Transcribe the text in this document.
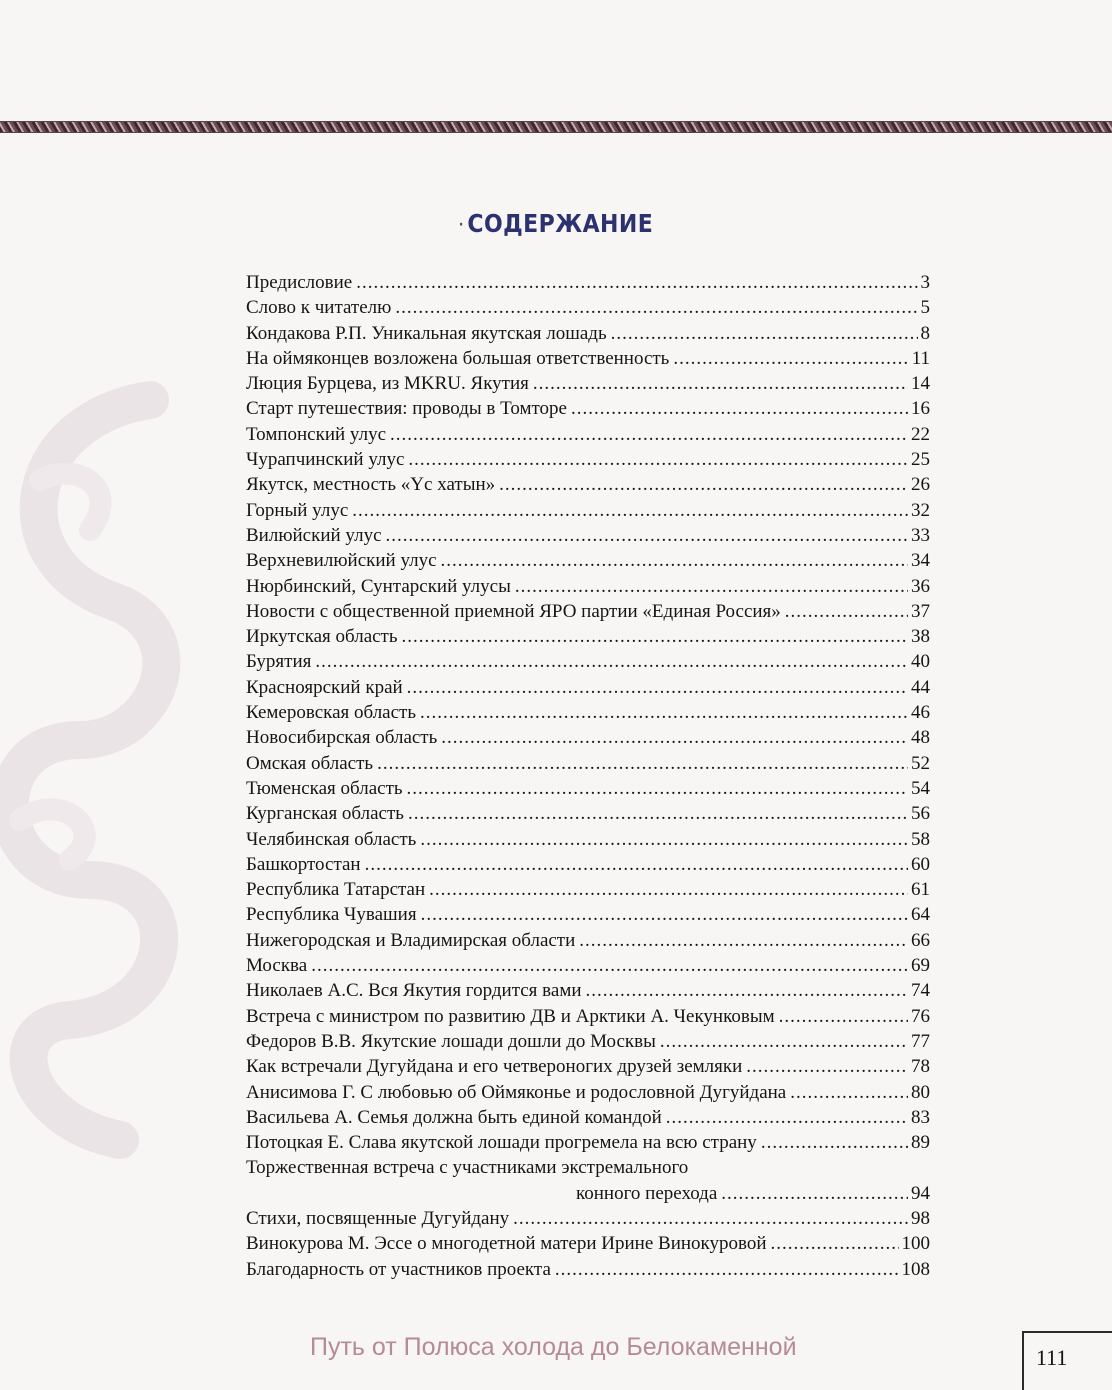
· СОДЕРЖАНИЕ
Предисловие .....	3
Слово к читателю .....	5
Кондакова Р.П. Уникальная якутская лошадь .....	8
На оймяконцев возложена большая ответственность .....	11
Люция Бурцева, из MKRU. Якутия .....	14
Старт путешествия: проводы в Томторе .....	16
Томпонский улус .....	22
Чурапчинский улус .....	25
Якутск, местность «Үс хатын» .....	26
Горный улус .....	32
Вилюйский улус .....	33
Верхневилюйский улус .....	34
Нюрбинский, Сунтарский улусы .....	36
Новости с общественной приемной ЯРО партии «Единая Россия» .....	37
Иркутская область .....	38
Бурятия .....	40
Красноярский край .....	44
Кемеровская область .....	46
Новосибирская область .....	48
Омская область .....	52
Тюменская область .....	54
Курганская область .....	56
Челябинская область .....	58
Башкортостан .....	60
Республика Татарстан .....	61
Республика Чувашия .....	64
Нижегородская и Владимирская области .....	66
Москва .....	69
Николаев А.С. Вся Якутия гордится вами .....	74
Встреча с министром по развитию ДВ и Арктики А. Чекунковым .....	76
Федоров В.В. Якутские лошади дошли до Москвы .....	77
Как встречали Дугуйдана и его четвероногих друзей земляки .....	78
Анисимова Г. С любовью об Оймяконье и родословной Дугуйдана .....	80
Васильева А. Семья должна быть единой командой .....	83
Потоцкая Е. Слава якутской лошади прогремела на всю страну .....	89
Торжественная встреча с участниками экстремального
конного перехода .....	94
Стихи, посвященные Дугуйдану .....	98
Винокурова М. Эссе о многодетной матери Ирине Винокуровой .....	100
Благодарность от участников проекта .....	108
Путь от Полюса холода до Белокаменной	111
